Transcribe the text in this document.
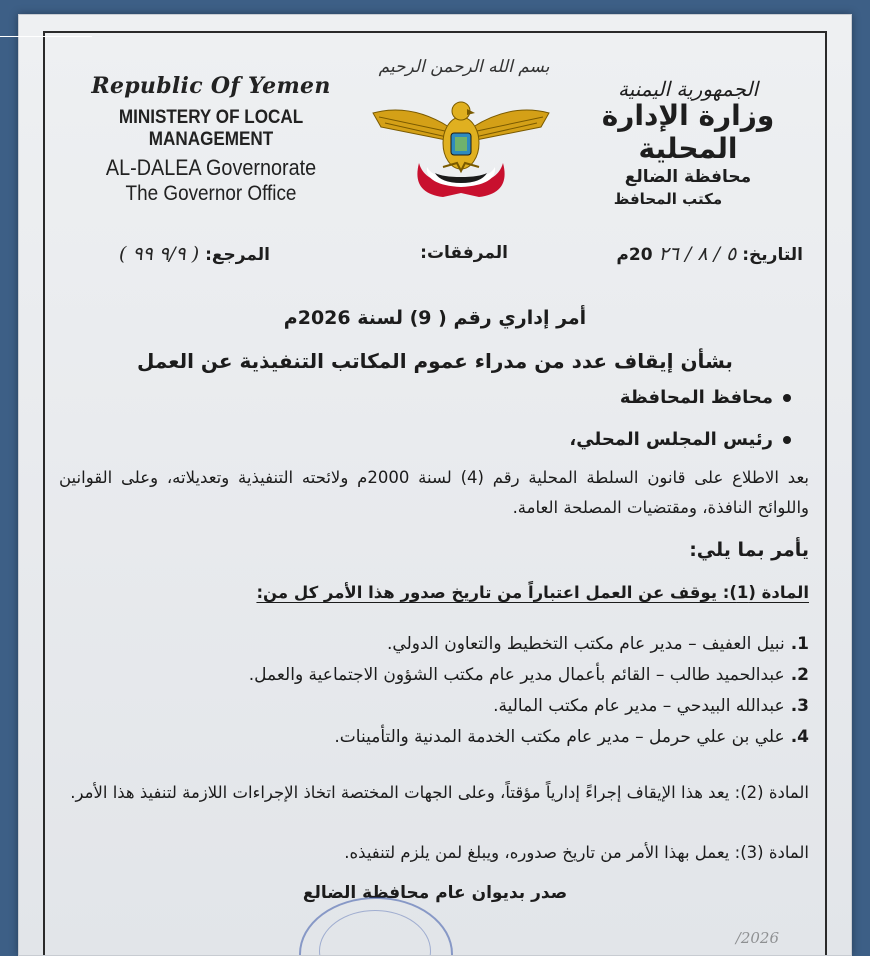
Republic Of Yemen
MINISTERY OF LOCAL MANAGEMENT
AL-DALEA Governorate
The Governor Office
بسم الله الرحمن الرحيم
الجمهورية اليمنية
وزارة الإدارة المحلية
محافظة الضالع
مكتب المحافظ
التاريخ: ٥ / ٨ / ٢٦ 20م
المرفقات:
المرجع: ( ٩/٩ ٩٩ )
أمر إداري رقم ( 9) لسنة 2026م
بشأن إيقاف عدد من مدراء عموم المكاتب التنفيذية عن العمل
محافظ المحافظة
رئيس المجلس المحلي،
بعد الاطلاع على قانون السلطة المحلية رقم (4) لسنة 2000م ولائحته التنفيذية وتعديلاته، وعلى القوانين واللوائح النافذة، ومقتضيات المصلحة العامة.
يأمر بما يلي:
المادة (1): يوقف عن العمل اعتباراً من تاريخ صدور هذا الأمر كل من:
1.نبيل العفيف – مدير عام مكتب التخطيط والتعاون الدولي.
2.عبدالحميد طالب – القائم بأعمال مدير عام مكتب الشؤون الاجتماعية والعمل.
3.عبدالله البيدحي – مدير عام مكتب المالية.
4.علي بن علي حرمل – مدير عام مكتب الخدمة المدنية والتأمينات.
المادة (2): يعد هذا الإيقاف إجراءً إدارياً مؤقتاً، وعلى الجهات المختصة اتخاذ الإجراءات اللازمة لتنفيذ هذا الأمر.
المادة (3): يعمل بهذا الأمر من تاريخ صدوره، ويبلغ لمن يلزم لتنفيذه.
صدر بديوان عام محافظة الضالع
2026/
